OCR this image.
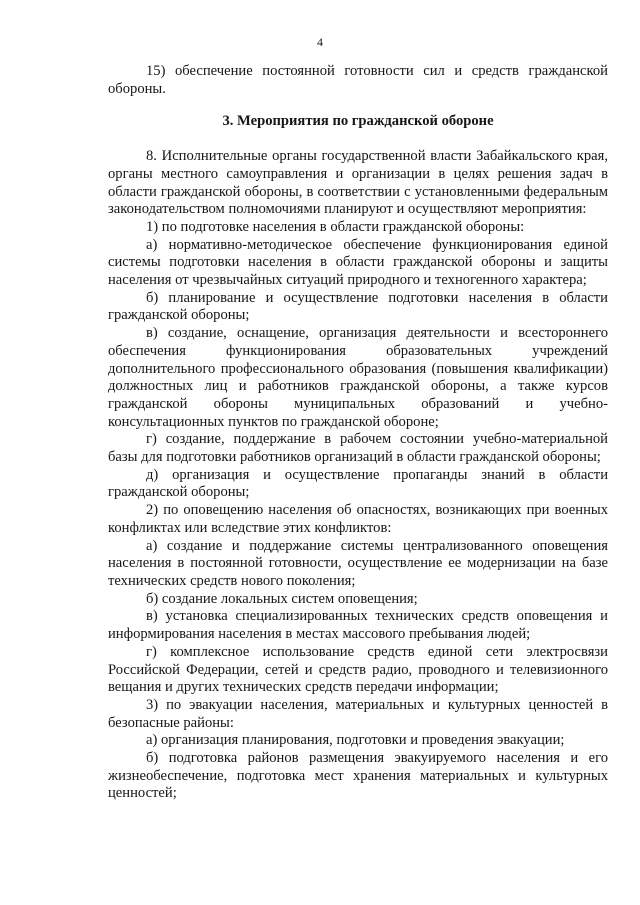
4

15) обеспечение постоянной готовности сил и средств гражданской обороны.

3. Мероприятия по гражданской обороне

8. Исполнительные органы государственной власти Забайкальского края, органы местного самоуправления и организации в целях решения задач в области гражданской обороны, в соответствии с установленными федеральным законодательством полномочиями планируют и осуществляют мероприятия:

1) по подготовке населения в области гражданской обороны:

а) нормативно-методическое обеспечение функционирования единой системы подготовки населения в области гражданской обороны и защиты населения от чрезвычайных ситуаций природного и техногенного характера;

б) планирование и осуществление подготовки населения в области гражданской обороны;

в) создание, оснащение, организация деятельности и всестороннего обеспечения функционирования образовательных учреждений дополнительного профессионального образования (повышения квалификации) должностных лиц и работников гражданской обороны, а также курсов гражданской обороны муниципальных образований и учебно-консультационных пунктов по гражданской обороне;

г) создание, поддержание в рабочем состоянии учебно-материальной базы для подготовки работников организаций в области гражданской обороны;

д) организация и осуществление пропаганды знаний в области гражданской обороны;

2) по оповещению населения об опасностях, возникающих при военных конфликтах или вследствие этих конфликтов:

а) создание и поддержание системы централизованного оповещения населения в постоянной готовности, осуществление ее модернизации на базе технических средств нового поколения;

б) создание локальных систем оповещения;

в) установка специализированных технических средств оповещения и информирования населения в местах массового пребывания людей;

г) комплексное использование средств единой сети электросвязи Российской Федерации, сетей и средств радио, проводного и телевизионного вещания и других технических средств передачи информации;

3) по эвакуации населения, материальных и культурных ценностей в безопасные районы:

а) организация планирования, подготовки и проведения эвакуации;

б) подготовка районов размещения эвакуируемого населения и его жизнеобеспечение, подготовка мест хранения материальных и культурных ценностей;
